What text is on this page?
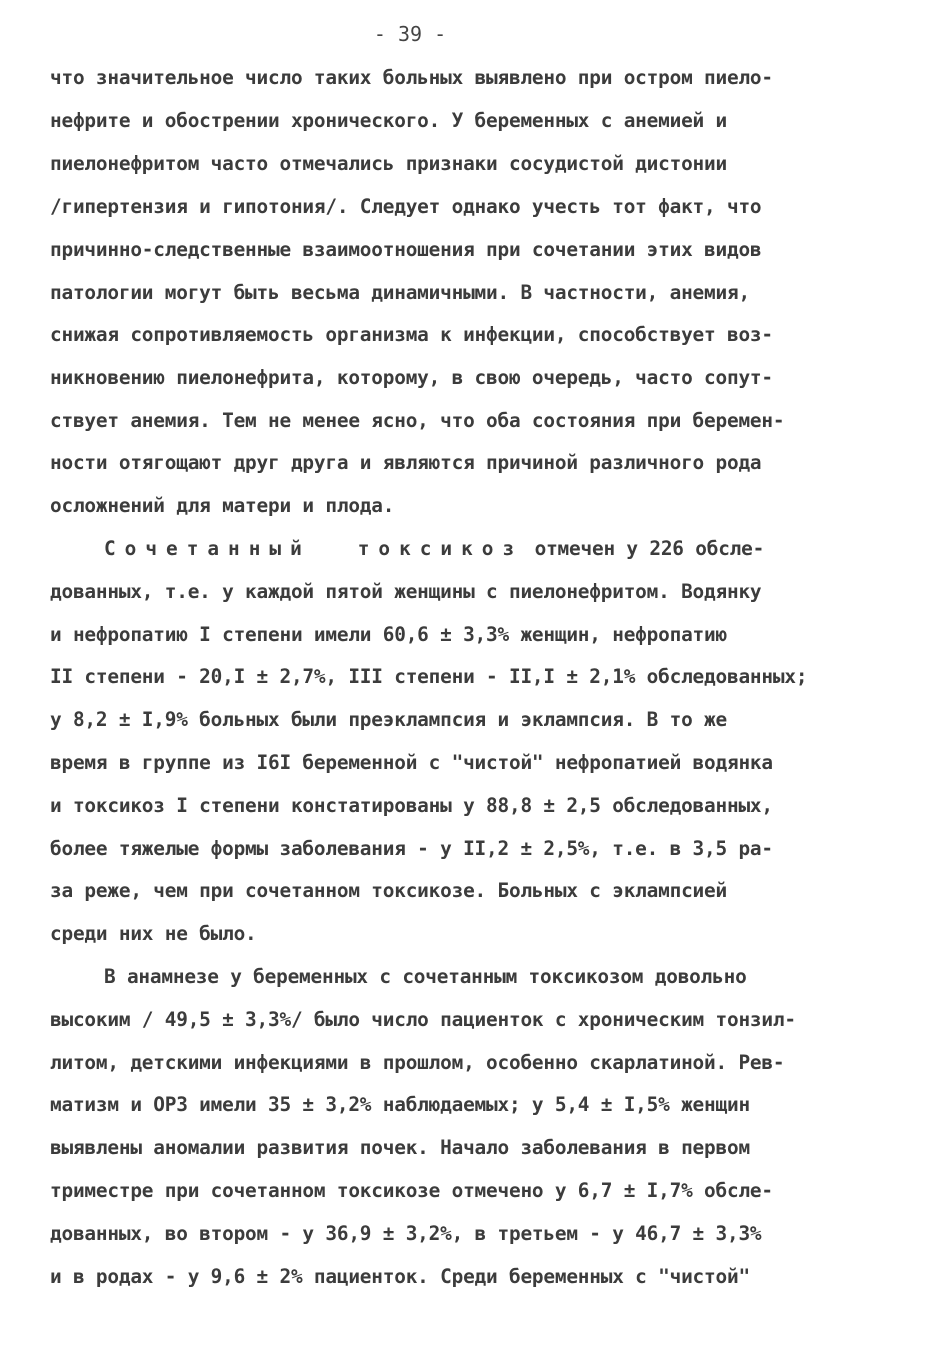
- 39 -
что значительное число таких больных выявлено при остром пиело-
нефрите и обострении хронического. У беременных с анемией и
пиелонефритом часто отмечались признаки сосудистой дистонии
/гипертензия и гипотония/. Следует однако учесть тот факт, что
причинно-следственные взаимоотношения при сочетании этих видов
патологии могут быть весьма динамичными. В частности, анемия,
снижая сопротивляемость организма к инфекции, способствует воз-
никновению пиелонефрита, которому, в свою очередь, часто сопут-
ствует анемия. Тем не менее ясно, что оба состояния при беремен-
ности отягощают друг друга и являются причиной различного рода
осложнений для матери и плода.
Сочетанный токсикоз отмечен у 226 обсле-
дованных, т.е. у каждой пятой женщины с пиелонефритом. Водянку
и нефропатию I степени имели 60,6 ± 3,3% женщин, нефропатию
II степени - 20,I ± 2,7%, III степени - II,I ± 2,1% обследованных;
у 8,2 ± I,9% больных были преэклампсия и эклампсия. В то же
время в группе из I6I беременной с "чистой" нефропатией водянка
и токсикоз I степени констатированы у 88,8 ± 2,5 обследованных,
более тяжелые формы заболевания - у II,2 ± 2,5%, т.е. в 3,5 ра-
за реже, чем при сочетанном токсикозе. Больных с эклампсией
среди них не было.
В анамнезе у беременных с сочетанным токсикозом довольно
высоким / 49,5 ± 3,3%/ было число пациенток с хроническим тонзил-
литом, детскими инфекциями в прошлом, особенно скарлатиной. Рев-
матизм и ОРЗ имели 35 ± 3,2% наблюдаемых; у 5,4 ± I,5% женщин
выявлены аномалии развития почек. Начало заболевания в первом
триместре при сочетанном токсикозе отмечено у 6,7 ± I,7% обсле-
дованных, во втором - у 36,9 ± 3,2%, в третьем - у 46,7 ± 3,3%
и в родах - у 9,6 ± 2% пациенток. Среди беременных с "чистой"
